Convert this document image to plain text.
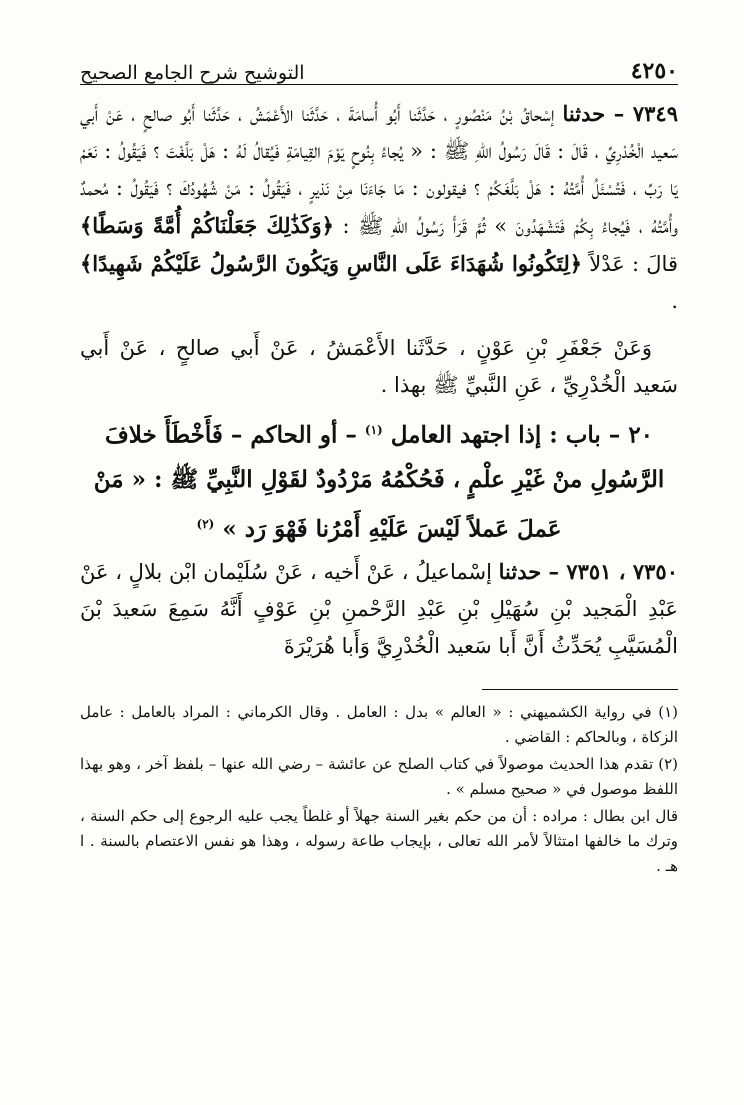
٤٢٥٠
التوشيح شرح الجامع الصحيح

٧٣٤٩ – حدثنا إسْحاقُ بْنُ مَنْصُورٍ ، حَدَّثَنا أَبُو أُسامَةَ ، حَدَّثَنا الأَعْمَشُ ، حَدَّثَنا أَبُو صالحٍ ، عَنْ أَبي سَعيد الْخُدْرِيِّ ، قَالَ : قَالَ رَسُولُ اللهِ ﷺ : « يُجاءُ بِنُوحٍ يَوْمَ القِيامَةِ فَيُقالُ لَهُ : هَلْ بَلَّغْتَ ؟ فَيَقُولُ : نَعَمْ يَا رَبِّ ، فَتُسْئَلُ أُمَّتُهُ : هَلْ بَلَّغَكُمْ ؟ فيقولون : مَا جَاءَنَا مِنْ نَذيرٍ ، فَيَقُولُ : مَنْ شُهُودُكَ ؟ فَيَقُولُ : مُحمدٌ وأُمَّتُهُ ، فَيُجاءُ بِكُمْ فَتَشْهَدُونَ » ثُمَّ قَرَأَ رَسُولُ اللهِ ﷺ : ﴿وَكَذَٰلِكَ جَعَلْنَاكُمْ أُمَّةً وَسَطًا﴾ قالَ : عَدْلاً ﴿لِتَكُونُوا شُهَدَاءَ عَلَى النَّاسِ وَيَكُونَ الرَّسُولُ عَلَيْكُمْ شَهِيدًا﴾ .

وَعَنْ جَعْفَرِ بْنِ عَوْنٍ ، حَدَّثَنا الأَعْمَشُ ، عَنْ أَبي صالحٍ ، عَنْ أَبي سَعيد الْخُدْرِيِّ ، عَنِ النَّبيِّ ﷺ بهذا .

٢٠ – باب : إذا اجتهد العامل $^{(١)}$ – أو الحاكم – فَأَخْطَأَ خلافَ الرَّسُولِ منْ غَيْرِ علْمٍ ، فَحُكْمُهُ مَرْدُودٌ لقَوْلِ النَّبِيِّ ﷺ : « مَنْ عَملَ عَملاً لَيْسَ عَلَيْهِ أَمْرُنا فَهْوَ رَد » $^{(٢)}$
٧٣٥٠ ، ٧٣٥١ – حدثنا إسْماعيلُ ، عَنْ أَخيه ، عَنْ سُلَيْمان ابْن بلالٍ ، عَنْ عَبْدِ الْمَجيد بْنِ سُهَيْلِ بْنِ عَبْدِ الرَّحْمنِ بْنِ عَوْفٍ أَنَّهُ سَمِعَ سَعيدَ بْنَ الْمُسَيَّبِ يُحَدِّثُ أَنَّ أَبا سَعيد الْخُدْرِيَّ وَأَبا هُرَيْرَةَ

(١) في رواية الكشميهني : « العالم » بدل : العامل . وقال الكرماني : المراد بالعامل : عامل الزكاة ، وبالحاكم : القاضي .

(٢) تقدم هذا الحديث موصولاً في كتاب الصلح عن عائشة – رضي الله عنها – بلفظ آخر ، وهو بهذا اللفظ موصول في « صحيح مسلم » .

قال ابن بطال : مراده : أن من حكم بغير السنة جهلاً أو غلطاً يجب عليه الرجوع إلى حكم السنة ، وترك ما خالفها امتثالاً لأمر الله تعالى ، بإيجاب طاعة رسوله ، وهذا هو نفس الاعتصام بالسنة . ا هـ .
